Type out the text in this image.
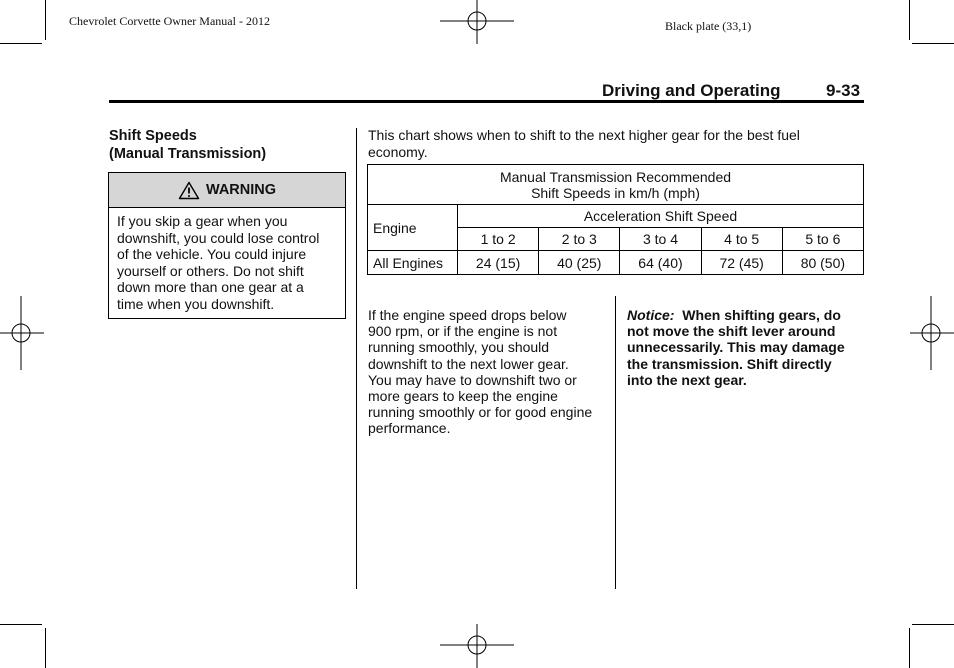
Chevrolet Corvette Owner Manual - 2012	Black plate (33,1)
Driving and Operating	9-33
Shift Speeds
(Manual Transmission)
WARNING
If you skip a gear when you
downshift, you could lose control
of the vehicle. You could injure
yourself or others. Do not shift
down more than one gear at a
time when you downshift.
This chart shows when to shift to the next higher gear for the best fuel
economy.
Manual Transmission Recommended
Shift Speeds in km/h (mph)					

Engine	Acceleration Shift Speed				
	1 to 2	2 to 3	3 to 4	4 to 5	5 to 6
All Engines	24 (15)	40 (25)	64 (40)	72 (45)	80 (50)
If the engine speed drops below
900 rpm, or if the engine is not
running smoothly, you should
downshift to the next lower gear.
You may have to downshift two or
more gears to keep the engine
running smoothly or for good engine
performance.
Notice: When shifting gears, do
not move the shift lever around
unnecessarily. This may damage
the transmission. Shift directly
into the next gear.
